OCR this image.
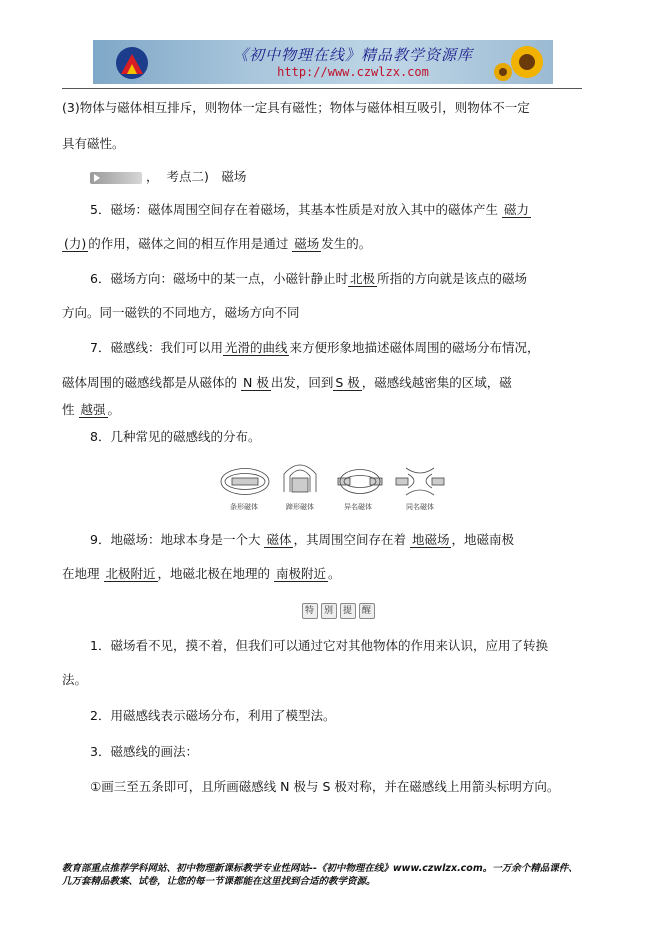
《初中物理在线》精品教学资源库
http://www.czwlzx.com
(3)物体与磁体相互排斥，则物体一定具有磁性；物体与磁体相互吸引，则物体不一定
具有磁性。
， 考点二)　磁场
5．磁场：磁体周围空间存在着磁场，其基本性质是对放入其中的磁体产生 磁力
(力) 的作用，磁体之间的相互作用是通过 磁场 发生的。
6．磁场方向：磁场中的某一点，小磁针静止时 北极 所指的方向就是该点的磁场
方向。同一磁铁的不同地方，磁场方向不同
7．磁感线：我们可以用 光滑的曲线 来方便形象地描述磁体周围的磁场分布情况，
磁体周围的磁感线都是从磁体的 N 极 出发，回到 S 极 ，磁感线越密集的区域，磁
性 越强 。
8．几种常见的磁感线的分布。
条形磁体	蹄形磁体	异名磁体	同名磁体
9．地磁场：地球本身是一个大 磁体 ，其周围空间存在着 地磁场 ，地磁南极
在地理 北极附近 ，地磁北极在地理的 南极附近 。
特	别	提	醒
1．磁场看不见，摸不着，但我们可以通过它对其他物体的作用来认识，应用了转换
法。
2．用磁感线表示磁场分布，利用了模型法。
3．磁感线的画法：
①画三至五条即可，且所画磁感线 N 极与 S 极对称，并在磁感线上用箭头标明方向。
教育部重点推荐学科网站、初中物理新课标教学专业性网站--《初中物理在线》www.czwlzx.com。一万余个精品课件、
几万套精品教案、试卷，让您的每一节课都能在这里找到合适的教学资源。
